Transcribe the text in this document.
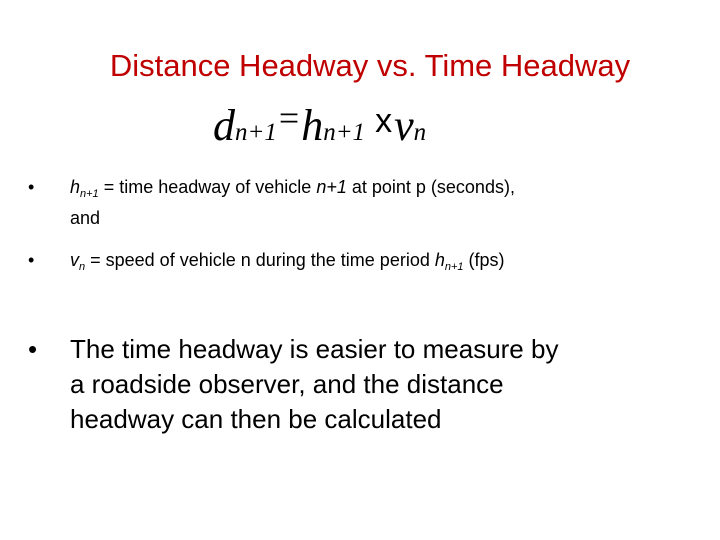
Distance Headway vs. Time Headway
dn+1=hn+1 xvn
• $h_{n+1}$ = time headway of vehicle n+1 at point p (seconds),
and
• $v_n$ = speed of vehicle n during the time period $h_{n+1}$ (fps)
• The time headway is easier to measure by
a roadside observer, and the distance
headway can then be calculated
